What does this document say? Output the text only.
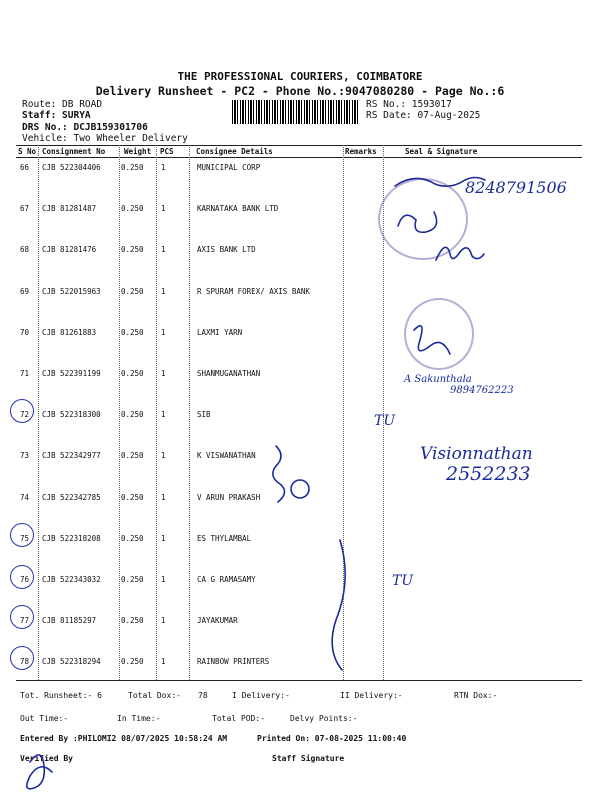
THE PROFESSIONAL COURIERS, COIMBATORE
Delivery Runsheet - PC2 - Phone No.:9047080280 - Page No.:6
Route: DB ROAD
Staff: SURYA
DRS No.: DCJB159301706
Vehicle: Two Wheeler Delivery
RS No.: 1593017
RS Date: 07-Aug-2025
S No Consignment No	Weight PCS	Consignee Details	Remarks	Seal & Signature
66 CJB 522304406	0.250 1	MUNICIPAL CORP
67 CJB 81281487	0.250 1	KARNATAKA BANK LTD
68 CJB 81281476	0.250 1	AXIS BANK LTD
69 CJB 522015963	0.250 1	R SPURAM FOREX/ AXIS BANK
70 CJB 81261883	0.250 1	LAXMI YARN
71 CJB 522391199	0.250 1	SHANMUGANATHAN
72 CJB 522318300	0.250 1	SIB
73 CJB 522342977	0.250 1	K VISWANATHAN
74 CJB 522342785	0.250 1	V ARUN PRAKASH
75 CJB 522318208	0.250 1	ES THYLAMBAL
76 CJB 522343032	0.250 1	CA G RAMASAMY
77 CJB 81185297	0.250 1	JAYAKUMAR
78 CJB 522318294	0.250 1	RAINBOW PRINTERS
Tot. Runsheet:- 6	Total Dox:- 78	I Delivery:-	II Delivery:-	RTN Dox:-
Out Time:-	In Time:-	Total POD:-	Delvy Points:-
Entered By :PHILOMI2 08/07/2025 10:58:24 AM	Printed On: 07-08-2025 11:00:40
Verified By	Staff Signature
8248791506
A Sakunthala
9894762223
Visionnathan
2552233
TU
TU
